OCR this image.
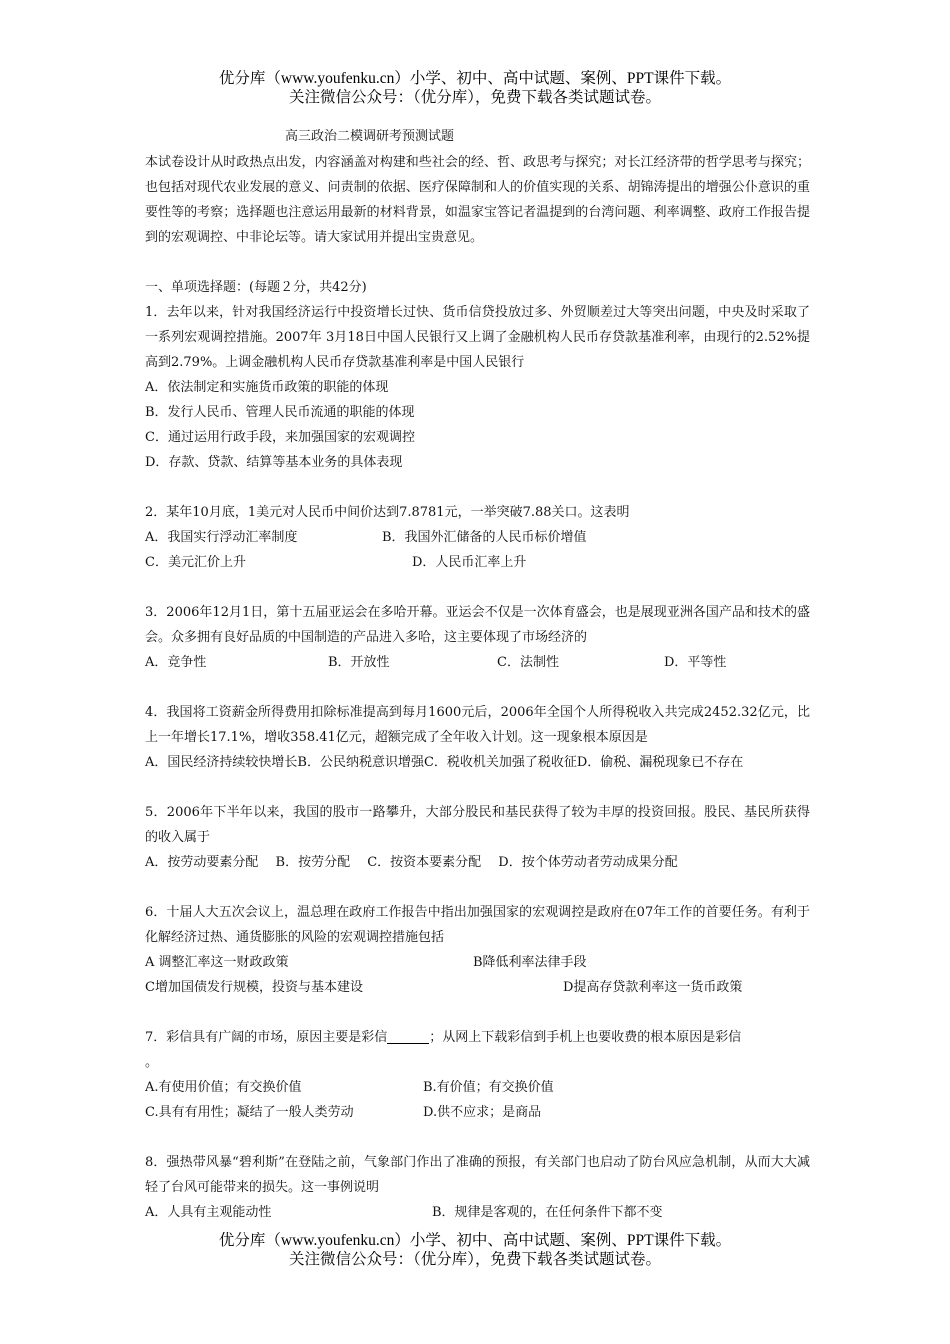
优分库（www.youfenku.cn）小学、初中、高中试题、案例、PPT课件下载。
关注微信公众号：（优分库），免费下载各类试题试卷。
高三政治二模调研考预测试题

本试卷设计从时政热点出发，内容涵盖对构建和些社会的经、哲、政思考与探究；对长江经济带的哲学思考与探究；也包括对现代农业发展的意义、问责制的依据、医疗保障制和人的价值实现的关系、胡锦涛提出的增强公仆意识的重要性等的考察；选择题也注意运用最新的材料背景，如温家宝答记者温提到的台湾问题、利率调整、政府工作报告提到的宏观调控、中非论坛等。请大家试用并提出宝贵意见。

一、单项选择题：(每题２分，共42分)

1．去年以来，针对我国经济运行中投资增长过快、货币信贷投放过多、外贸顺差过大等突出问题，中央及时采取了一系列宏观调控措施。2007年 3月18日中国人民银行又上调了金融机构人民币存贷款基准利率，由现行的2.52%提高到2.79%。上调金融机构人民币存贷款基准利率是中国人民银行

A．依法制定和实施货币政策的职能的体现
B．发行人民币、管理人民币流通的职能的体现
C．通过运用行政手段，来加强国家的宏观调控
D．存款、贷款、结算等基本业务的具体表现

2．某年10月底，1美元对人民币中间价达到7.8781元，一举突破7.88关口。这表明

A．我国实行浮动汇率制度	B．我国外汇储备的人民币标价增值
C．美元汇价上升	D．人民币汇率上升

3．2006年12月1日，第十五届亚运会在多哈开幕。亚运会不仅是一次体育盛会，也是展现亚洲各国产品和技术的盛会。众多拥有良好品质的中国制造的产品进入多哈，这主要体现了市场经济的

A．竞争性	B．开放性	C．法制性	D．平等性

4．我国将工资薪金所得费用扣除标准提高到每月1600元后，2006年全国个人所得税收入共完成2452.32亿元，比上一年增长17.1%，增收358.41亿元，超额完成了全年收入计划。这一现象根本原因是

A．国民经济持续较快增长B．公民纳税意识增强C．税收机关加强了税收征D．偷税、漏税现象已不存在

5．2006年下半年以来，我国的股市一路攀升，大部分股民和基民获得了较为丰厚的投资回报。股民、基民所获得的收入属于

A．按劳动要素分配　 B．按劳分配　 C．按资本要素分配　 D．按个体劳动者劳动成果分配

6．十届人大五次会议上，温总理在政府工作报告中指出加强国家的宏观调控是政府在07年工作的首要任务。有利于化解经济过热、通货膨胀的风险的宏观调控措施包括

A 调整汇率这一财政政策	B降低利率法律手段
C增加国债发行规模，投资与基本建设	D提高存贷款利率这一货币政策

7．彩信具有广阔的市场，原因主要是彩信	；从网上下载彩信到手机上也要收费的根本原因是彩信
。

A.有使用价值；有交换价值	B.有价值；有交换价值
C.具有有用性；凝结了一般人类劳动	D.供不应求；是商品

8．强热带风暴“碧利斯”在登陆之前，气象部门作出了准确的预报，有关部门也启动了防台风应急机制，从而大大减轻了台风可能带来的损失。这一事例说明

A．人具有主观能动性	B．规律是客观的，在任何条件下都不变
优分库（www.youfenku.cn）小学、初中、高中试题、案例、PPT课件下载。
关注微信公众号：（优分库），免费下载各类试题试卷。
